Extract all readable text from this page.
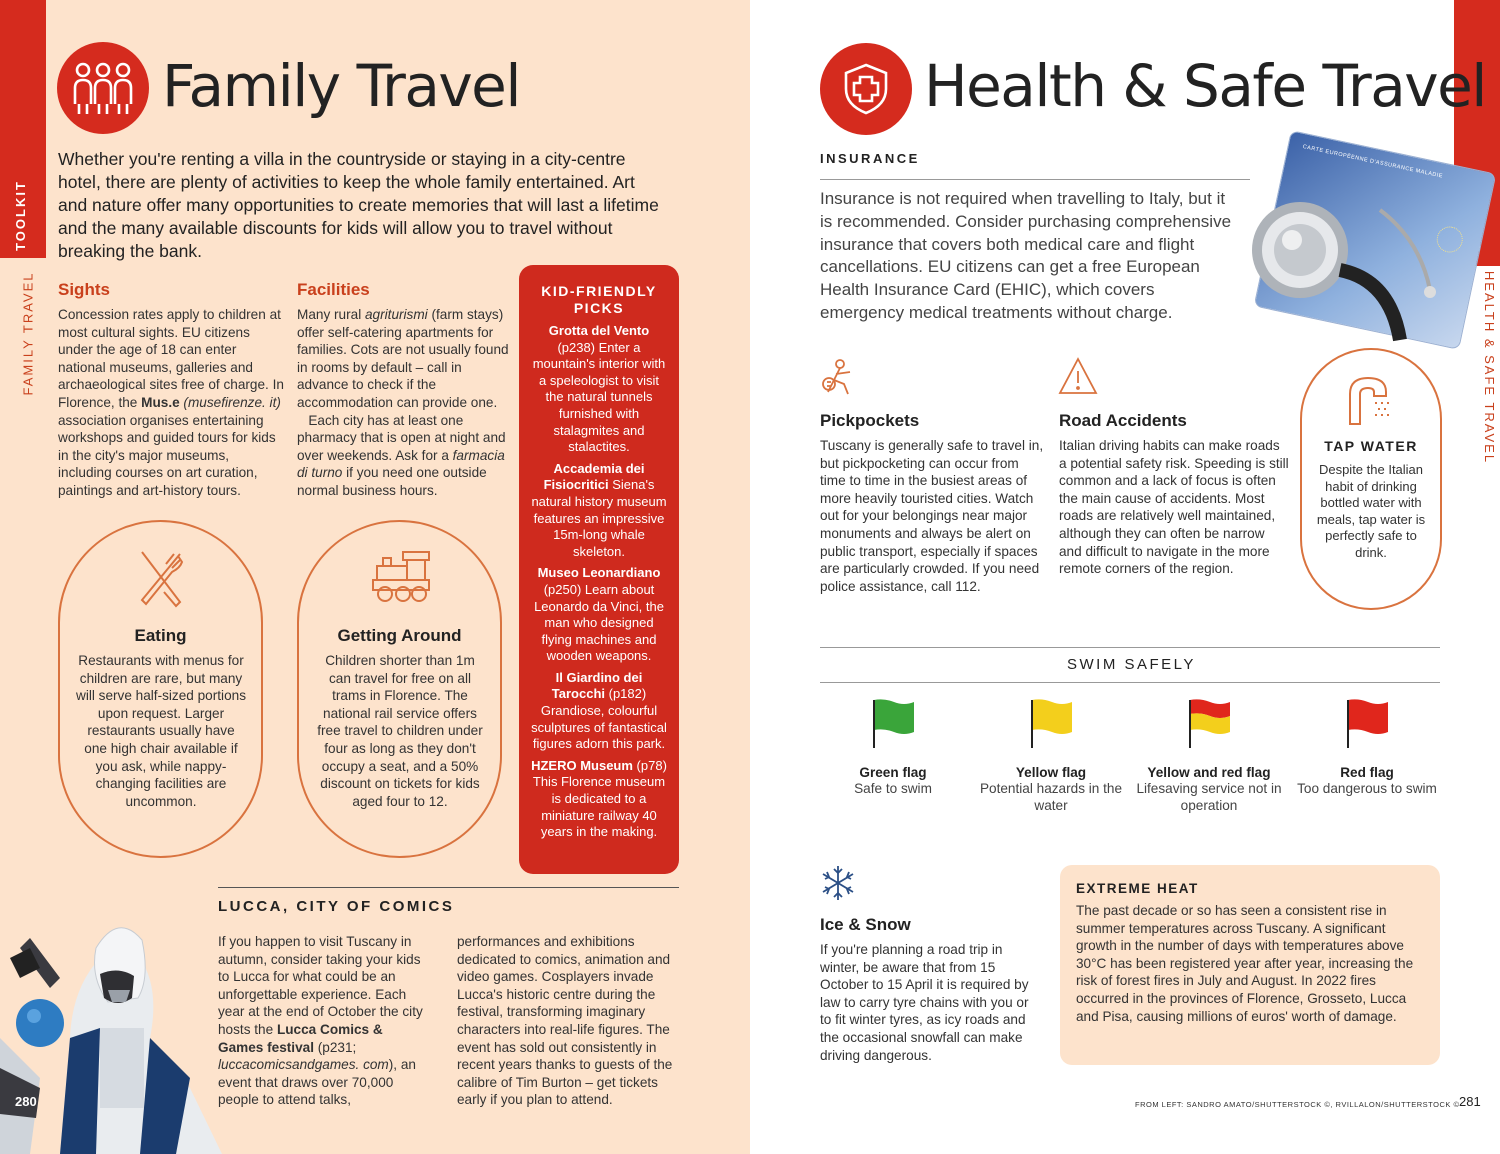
TOOLKIT
FAMILY TRAVEL
Family Travel

Whether you're renting a villa in the countryside or staying in a city-centre hotel, there are plenty of activities to keep the whole family entertained. Art and nature offer many opportunities to create memories that will last a lifetime and the many available discounts for kids will allow you to travel without breaking the bank.

Sights

Concession rates apply to children at most cultural sights. EU citizens under the age of 18 can enter national museums, galleries and archaeological sites free of charge. In Florence, the Mus.e (musefirenze. it) association organises entertaining workshops and guided tours for kids in the city's major museums, including courses on art curation, paintings and art-history tours.

Facilities

Many rural agriturismi (farm stays) offer self-catering apartments for families. Cots are not usually found in rooms by default – call in advance to check if the accommodation can provide one.
Each city has at least one pharmacy that is open at night and over weekends. Ask for a farmacia di turno if you need one outside normal business hours.

Eating

Restaurants with menus for children are rare, but many will serve half-sized portions upon request. Larger restaurants usually have one high chair available if you ask, while nappy-changing facilities are uncommon.

Getting Around

Children shorter than 1m can travel for free on all trams in Florence. The national rail service offers free travel to children under four as long as they don't occupy a seat, and a 50% discount on tickets for kids aged four to 12.

KID-FRIENDLY PICKS
Grotta del Vento (p238) Enter a mountain's interior with a speleologist to visit the natural tunnels furnished with stalagmites and stalactites.
Accademia dei Fisiocritici Siena's natural history museum features an impressive 15m-long whale skeleton.
Museo Leonardiano (p250) Learn about Leonardo da Vinci, the man who designed flying machines and wooden weapons.
Il Giardino dei Tarocchi (p182) Grandiose, colourful sculptures of fantastical figures adorn this park.
HZERO Museum (p78) This Florence museum is dedicated to a miniature railway 40 years in the making.
LUCCA, CITY OF COMICS

If you happen to visit Tuscany in autumn, consider taking your kids to Lucca for what could be an unforgettable experience. Each year at the end of October the city hosts the Lucca Comics & Games festival (p231; luccacomicsandgames. com), an event that draws over 70,000 people to attend talks,

performances and exhibitions dedicated to comics, animation and video games. Cosplayers invade Lucca's historic centre during the festival, transforming imaginary characters into real-life figures. The event has sold out consistently in recent years thanks to guests of the calibre of Tim Burton – get tickets early if you plan to attend.

280
HEALTH & SAFE TRAVEL
Health & Safe Travel
INSURANCE

Insurance is not required when travelling to Italy, but it is recommended. Consider purchasing comprehensive insurance that covers both medical care and flight cancellations. EU citizens can get a free European Health Insurance Card (EHIC), which covers emergency medical treatments without charge.

CARTE EUROPÉENNE D'ASSURANCE MALADIE
TAP WATER

Despite the Italian habit of drinking bottled water with meals, tap water is perfectly safe to drink.

Pickpockets

Tuscany is generally safe to travel in, but pickpocketing can occur from time to time in the busiest areas of more heavily touristed cities. Watch out for your belongings near major monuments and always be alert on public transport, especially if spaces are particularly crowded. If you need police assistance, call 112.

Road Accidents

Italian driving habits can make roads a potential safety risk. Speeding is still common and a lack of focus is often the main cause of accidents. Most roads are relatively well maintained, although they can often be narrow and difficult to navigate in the more remote corners of the region.

SWIM SAFELY
Green flag
Safe to swim
Yellow flag
Potential hazards in the water
Yellow and red flag
Lifesaving service not in operation
Red flag
Too dangerous to swim
Ice & Snow

If you're planning a road trip in winter, be aware that from 15 October to 15 April it is required by law to carry tyre chains with you or to fit winter tyres, as icy roads and the occasional snowfall can make driving dangerous.

EXTREME HEAT

The past decade or so has seen a consistent rise in summer temperatures across Tuscany. A significant growth in the number of days with temperatures above 30°C has been registered year after year, increasing the risk of forest fires in July and August. In 2022 fires occurred in the provinces of Florence, Grosseto, Lucca and Pisa, causing millions of euros' worth of damage.

FROM LEFT: SANDRO AMATO/SHUTTERSTOCK ©, RVILLALON/SHUTTERSTOCK © 281
